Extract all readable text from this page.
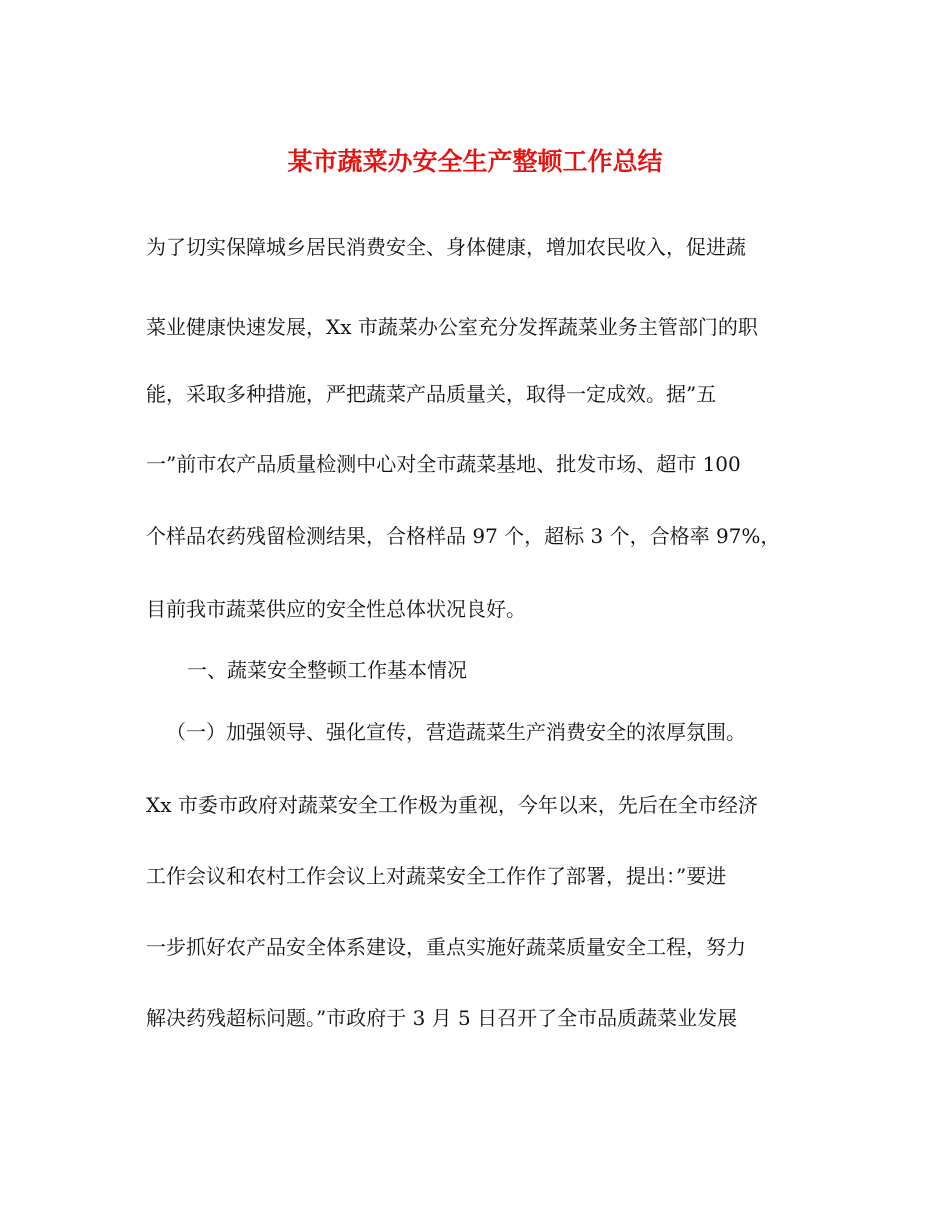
某市蔬菜办安全生产整顿工作总结
为了切实保障城乡居民消费安全、身体健康，增加农民收入，促进蔬
菜业健康快速发展，Xx 市蔬菜办公室充分发挥蔬菜业务主管部门的职
能，采取多种措施，严把蔬菜产品质量关，取得一定成效。据”五
一”前市农产品质量检测中心对全市蔬菜基地、批发市场、超市 100
个样品农药残留检测结果，合格样品 97 个，超标 3 个，合格率 97%，
目前我市蔬菜供应的安全性总体状况良好。
一、蔬菜安全整顿工作基本情况
（一）加强领导、强化宣传，营造蔬菜生产消费安全的浓厚氛围。
Xx 市委市政府对蔬菜安全工作极为重视，今年以来，先后在全市经济
工作会议和农村工作会议上对蔬菜安全工作作了部署，提出：”要进
一步抓好农产品安全体系建设，重点实施好蔬菜质量安全工程，努力
解决药残超标问题。”市政府于 3 月 5 日召开了全市品质蔬菜业发展
